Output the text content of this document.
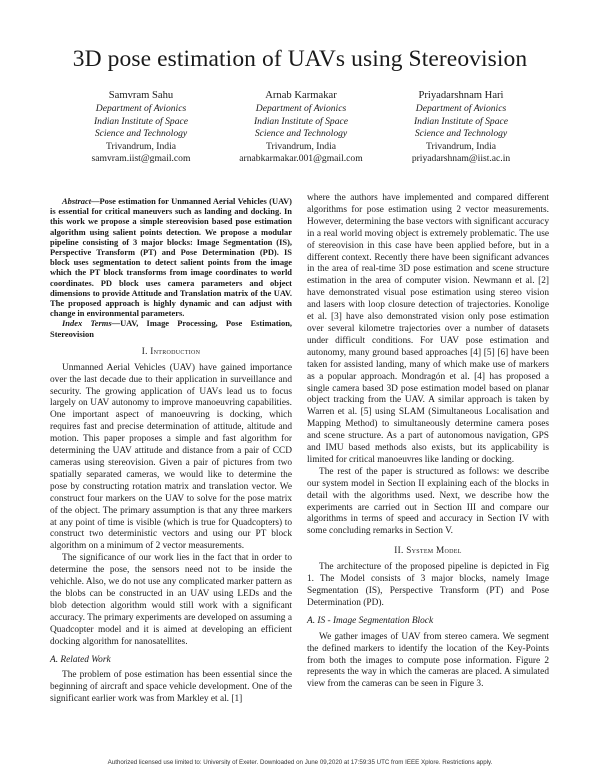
3D pose estimation of UAVs using Stereovision
Samvram Sahu
Department of Avionics
Indian Institute of Space
Science and Technology
Trivandrum, India
samvram.iist@gmail.com
Arnab Karmakar
Department of Avionics
Indian Institute of Space
Science and Technology
Trivandrum, India
arnabkarmakar.001@gmail.com
Priyadarshnam Hari
Department of Avionics
Indian Institute of Space
Science and Technology
Trivandrum, India
priyadarshnam@iist.ac.in

Abstract—Pose estimation for Unmanned Aerial Vehicles (UAV) is essential for critical maneuvers such as landing and docking. In this work we propose a simple stereovision based pose estimation algorithm using salient points detection. We propose a modular pipeline consisting of 3 major blocks: Image Segmentation (IS), Perspective Transform (PT) and Pose Determination (PD). IS block uses segmentation to detect salient points from the image which the PT block transforms from image coordinates to world coordinates. PD block uses camera parameters and object dimensions to provide Attitude and Translation matrix of the UAV. The proposed approach is highly dynamic and can adjust with change in environmental parameters.

Index Terms—UAV, Image Processing, Pose Estimation, Stereovision

I. Introduction

Unmanned Aerial Vehicles (UAV) have gained importance over the last decade due to their application in surveillance and security. The growing application of UAVs lead us to focus largely on UAV autonomy to improve manoeuvring capabilities. One important aspect of manoeuvring is docking, which requires fast and precise determination of attitude, altitude and motion. This paper proposes a simple and fast algorithm for determining the UAV attitude and distance from a pair of CCD cameras using stereovision. Given a pair of pictures from two spatially separated cameras, we would like to determine the pose by constructing rotation matrix and translation vector. We construct four markers on the UAV to solve for the pose matrix of the object. The primary assumption is that any three markers at any point of time is visible (which is true for Quadcopters) to construct two deterministic vectors and using our PT block algorithm on a minimum of 2 vector measurements.

The significance of our work lies in the fact that in order to determine the pose, the sensors need not to be inside the vehichle. Also, we do not use any complicated marker pattern as the blobs can be constructed in an UAV using LEDs and the blob detection algorithm would still work with a significant accuracy. The primary experiments are developed on assuming a Quadcopter model and it is aimed at developing an efficient docking algorithm for nanosatellites.

A. Related Work

The problem of pose estimation has been essential since the beginning of aircraft and space vehicle development. One of the significant earlier work was from Markley et al. [1]

where the authors have implemented and compared different algorithms for pose estimation using 2 vector measurements. However, determining the base vectors with significant accuracy in a real world moving object is extremely problematic. The use of stereovision in this case have been applied before, but in a different context. Recently there have been significant advances in the area of real-time 3D pose estimation and scene structure estimation in the area of computer vision. Newmann et al. [2] have demonstrated visual pose estimation using stereo vision and lasers with loop closure detection of trajectories. Konolige et al. [3] have also demonstrated vision only pose estimation over several kilometre trajectories over a number of datasets under difficult conditions. For UAV pose estimation and autonomy, many ground based approaches [4] [5] [6] have been taken for assisted landing, many of which make use of markers as a popular approach. Mondragón et al. [4] has proposed a single camera based 3D pose estimation model based on planar object tracking from the UAV. A similar approach is taken by Warren et al. [5] using SLAM (Simultaneous Localisation and Mapping Method) to simultaneously determine camera poses and scene structure. As a part of autonomous navigation, GPS and IMU based methods also exists, but its applicability is limited for critical manoeuvres like landing or docking.

The rest of the paper is structured as follows: we describe our system model in Section II explaining each of the blocks in detail with the algorithms used. Next, we describe how the experiments are carried out in Section III and compare our algorithms in terms of speed and accuracy in Section IV with some concluding remarks in Section V.

II. System Model

The architecture of the proposed pipeline is depicted in Fig 1. The Model consists of 3 major blocks, namely Image Segmentation (IS), Perspective Transform (PT) and Pose Determination (PD).

A. IS - Image Segmentation Block

We gather images of UAV from stereo camera. We segment the defined markers to identify the location of the Key-Points from both the images to compute pose information. Figure 2 represents the way in which the cameras are placed. A simulated view from the cameras can be seen in Figure 3.

Authorized licensed use limited to: University of Exeter. Downloaded on June 09,2020 at 17:59:35 UTC from IEEE Xplore. Restrictions apply.
